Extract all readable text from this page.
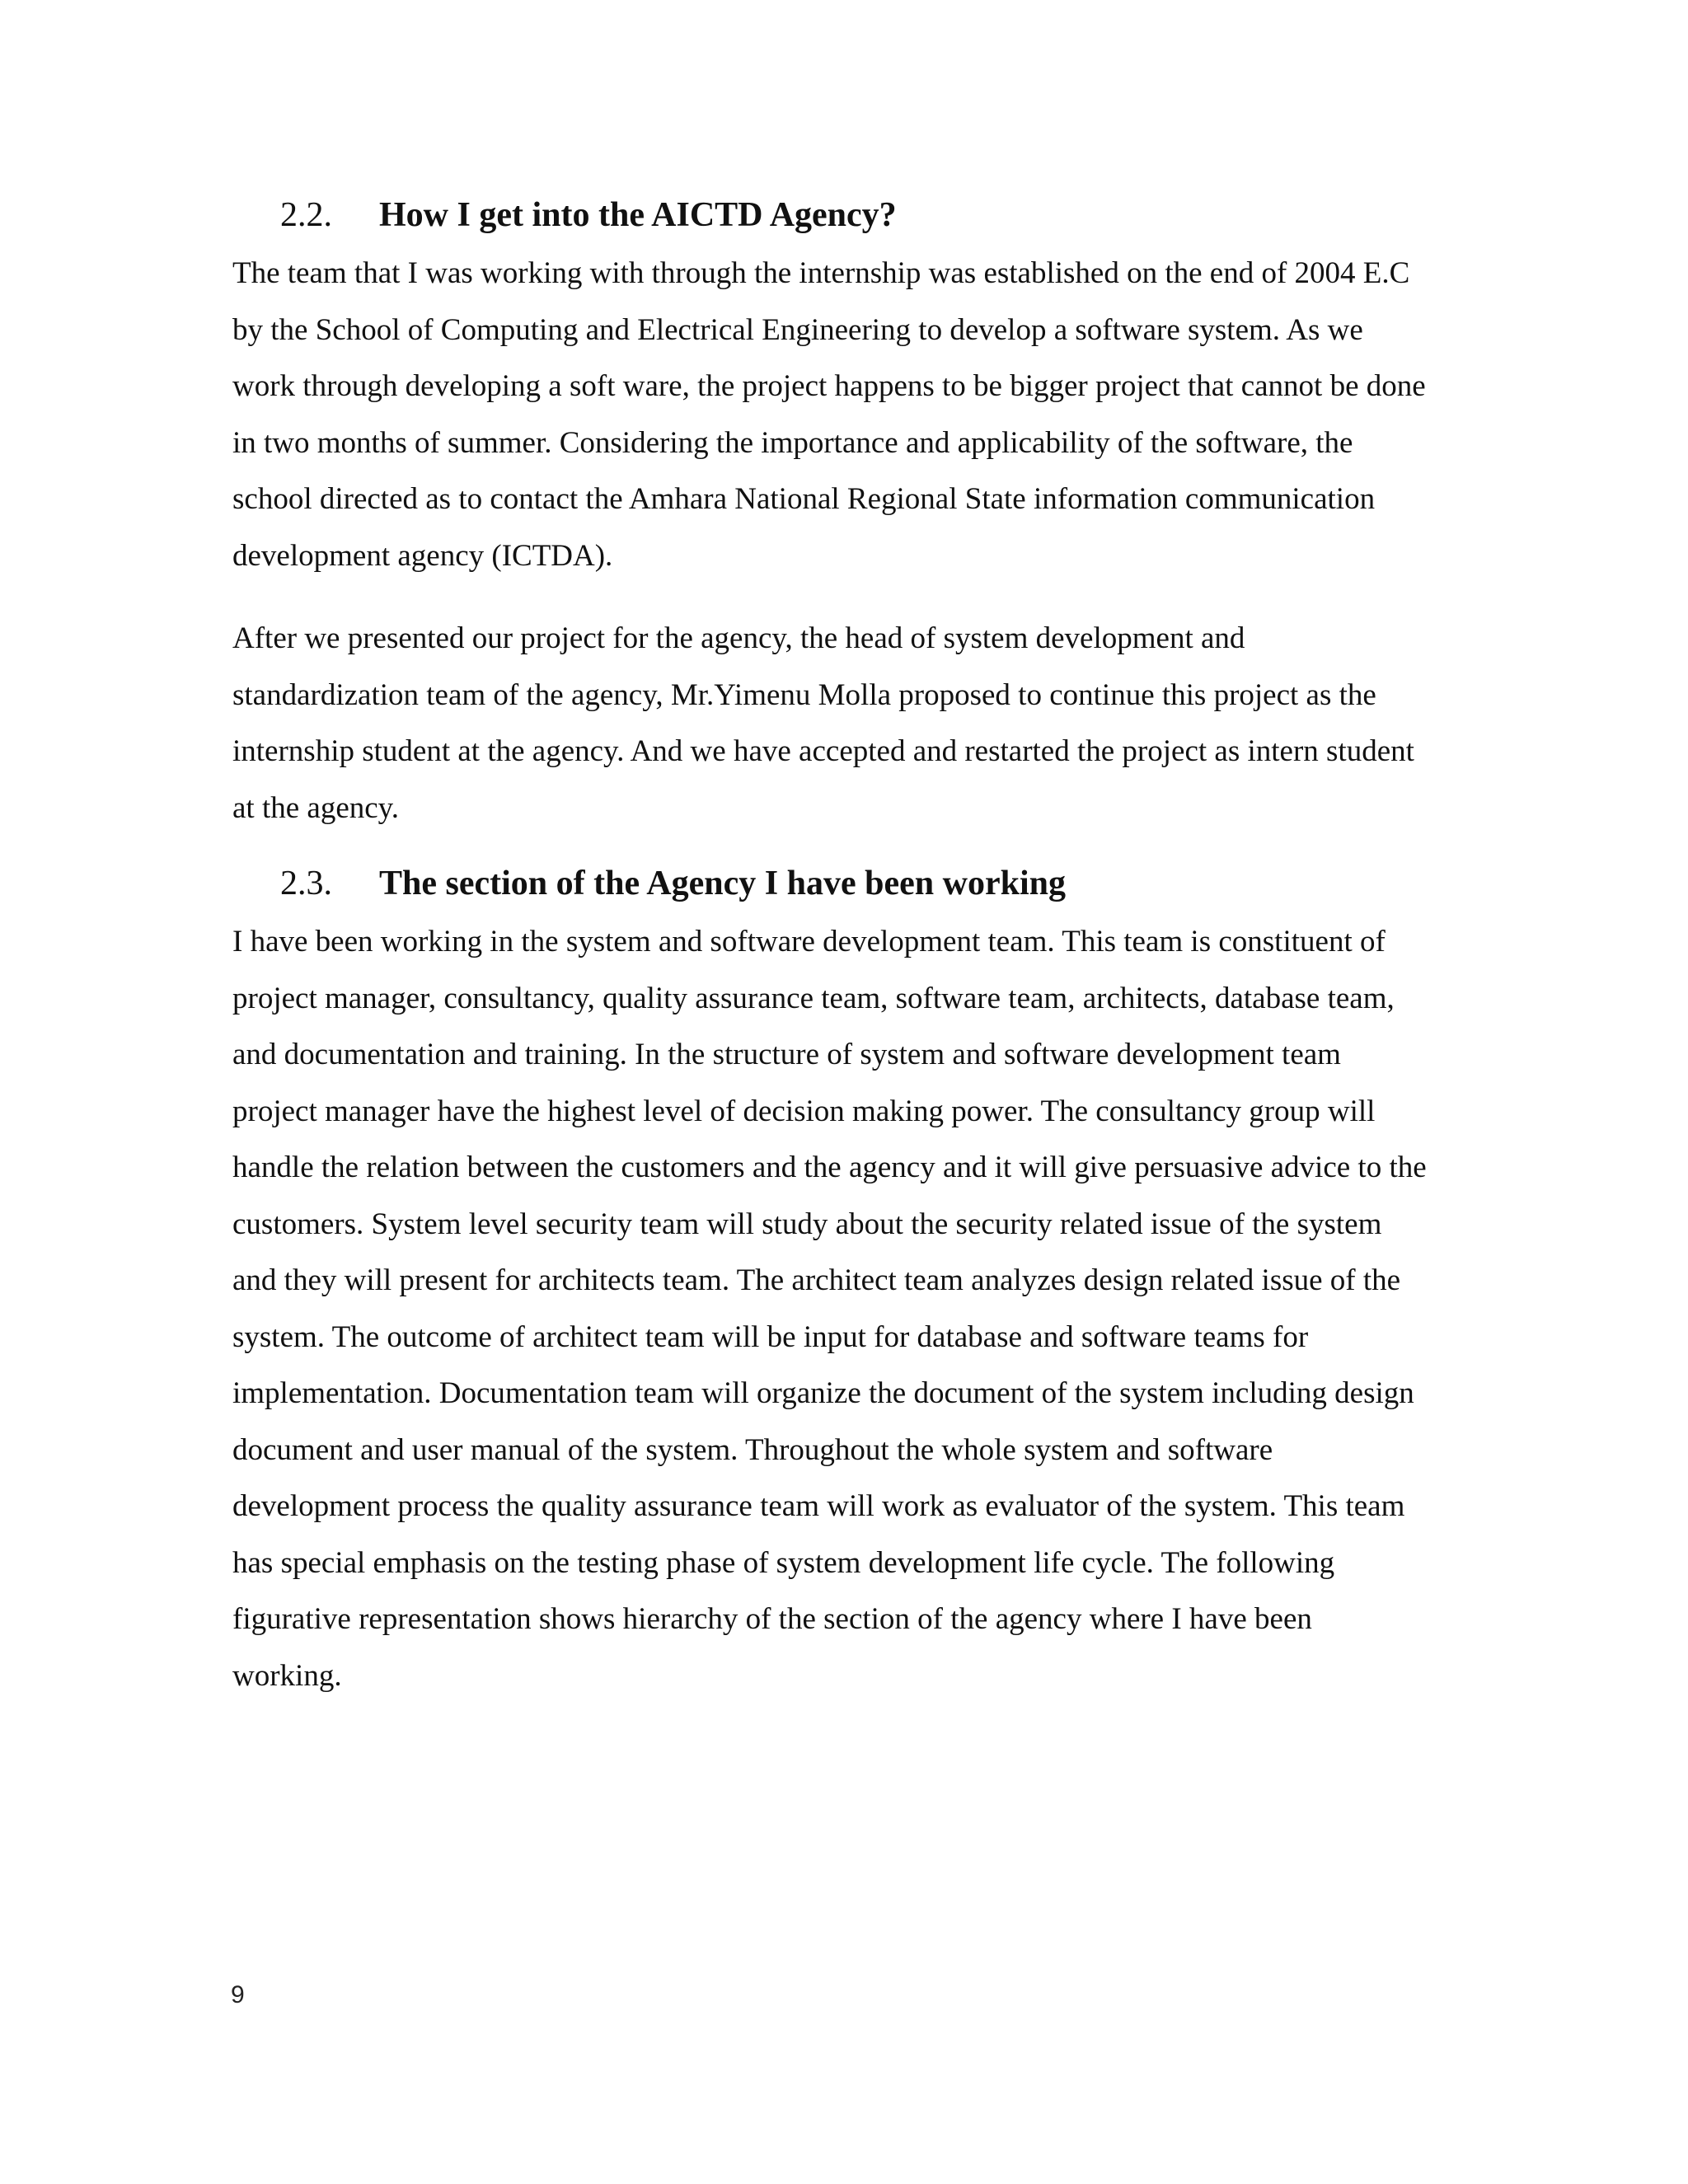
2.2.	How I get into the AICTD Agency?

The team that I was working with through the internship was established on the end of 2004 E.C
by the School of Computing and Electrical Engineering to develop a software system. As we
work through developing a soft ware, the project happens to be bigger project that cannot be done
in two months of summer. Considering the importance and applicability of the software, the
school directed as to contact the Amhara National Regional State information communication
development agency (ICTDA).

After we presented our project for the agency, the head of system development and
standardization team of the agency, Mr.Yimenu Molla proposed to continue this project as the
internship student at the agency. And we have accepted and restarted the project as intern student
at the agency.

2.3.	The section of the Agency I have been working

I have been working in the system and software development team. This team is constituent of
project manager, consultancy, quality assurance team, software team, architects, database team,
and documentation and training. In the structure of system and software development team
project manager have the highest level of decision making power. The consultancy group will
handle the relation between the customers and the agency and it will give persuasive advice to the
customers. System level security team will study about the security related issue of the system
and they will present for architects team. The architect team analyzes design related issue of the
system. The outcome of architect team will be input for database and software teams for
implementation. Documentation team will organize the document of the system including design
document and user manual of the system. Throughout the whole system and software
development process the quality assurance team will work as evaluator of the system. This team
has special emphasis on the testing phase of system development life cycle. The following
figurative representation shows hierarchy of the section of the agency where I have been
working.

9
